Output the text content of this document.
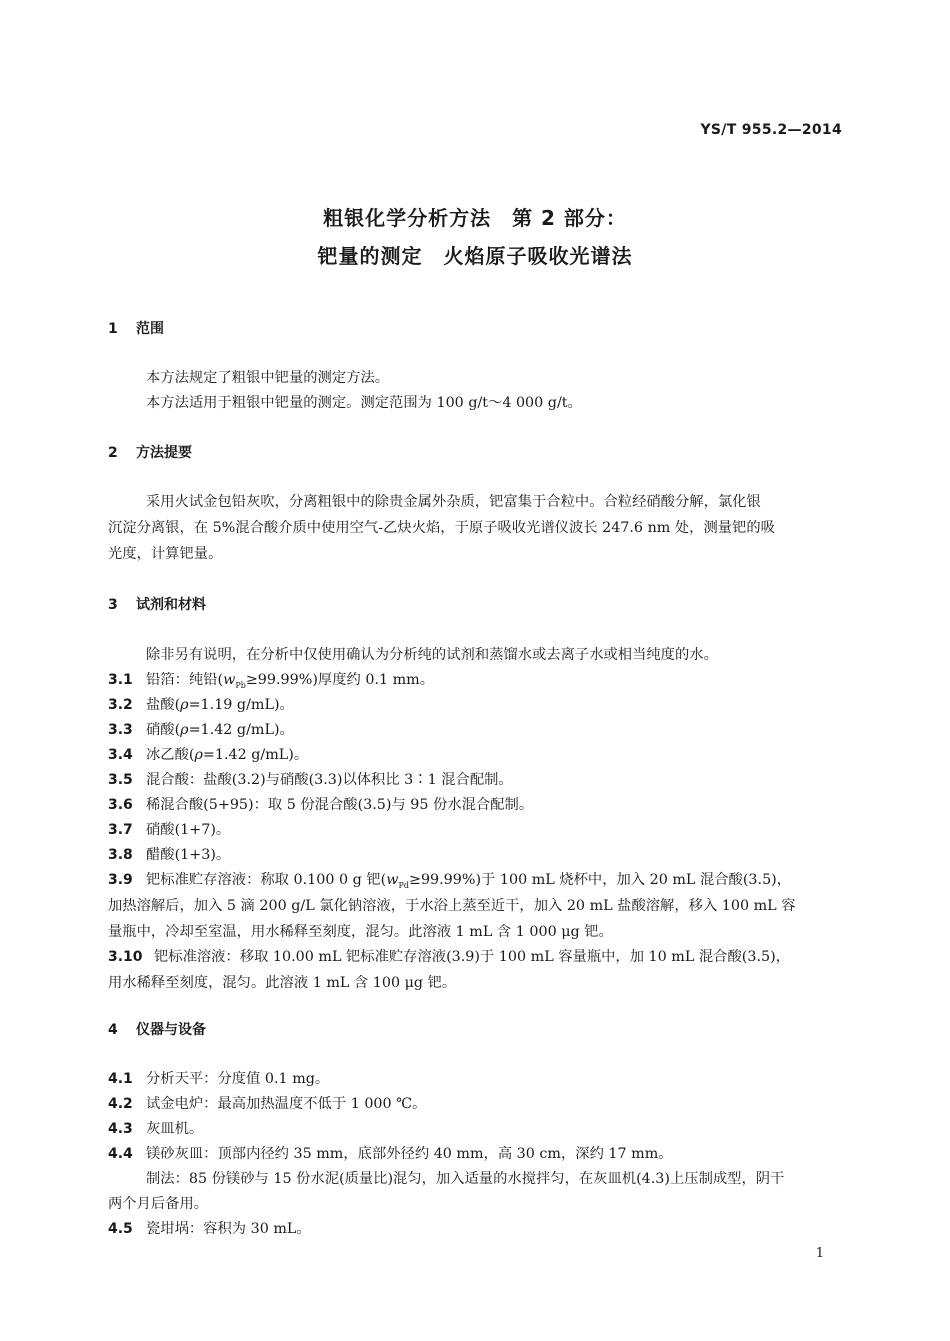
YS/T 955.2—2014
粗银化学分析方法　第 2 部分：
钯量的测定　火焰原子吸收光谱法
1 范围
本方法规定了粗银中钯量的测定方法。
本方法适用于粗银中钯量的测定。测定范围为 100 g/t～4 000 g/t。
2 方法提要
采用火试金包铅灰吹，分离粗银中的除贵金属外杂质，钯富集于合粒中。合粒经硝酸分解，氯化银
沉淀分离银，在 5%混合酸介质中使用空气-乙炔火焰，于原子吸收光谱仪波长 247.6 nm 处，测量钯的吸
光度，计算钯量。
3 试剂和材料
除非另有说明，在分析中仅使用确认为分析纯的试剂和蒸馏水或去离子水或相当纯度的水。
3.1 铅箔：纯铅$(w_{Pb}\ge 99.99\%)$厚度约 0.1 mm。
3.2 盐酸(ρ=1.19 g/mL)。
3.3 硝酸(ρ=1.42 g/mL)。
3.4 冰乙酸(ρ=1.42 g/mL)。
3.5 混合酸：盐酸(3.2)与硝酸(3.3)以体积比 3∶1 混合配制。
3.6 稀混合酸(5+95)：取 5 份混合酸(3.5)与 95 份水混合配制。
3.7 硝酸(1+7)。
3.8 醋酸(1+3)。
3.9 钯标准贮存溶液：称取 0.100 0 g 钯$(w_{Pd}\ge 99.99\%)$于 100 mL 烧杯中，加入 20 mL 混合酸(3.5)，
加热溶解后，加入 5 滴 200 g/L 氯化钠溶液，于水浴上蒸至近干，加入 20 mL 盐酸溶解，移入 100 mL 容
量瓶中，冷却至室温，用水稀释至刻度，混匀。此溶液 1 mL 含 1 000 μg 钯。
3.10 钯标准溶液：移取 10.00 mL 钯标准贮存溶液(3.9)于 100 mL 容量瓶中，加 10 mL 混合酸(3.5)，
用水稀释至刻度，混匀。此溶液 1 mL 含 100 μg 钯。
4 仪器与设备
4.1 分析天平：分度值 0.1 mg。
4.2 试金电炉：最高加热温度不低于 1 000 ℃。
4.3 灰皿机。
4.4 镁砂灰皿：顶部内径约 35 mm，底部外径约 40 mm，高 30 cm，深约 17 mm。
制法：85 份镁砂与 15 份水泥(质量比)混匀，加入适量的水搅拌匀，在灰皿机(4.3)上压制成型，阴干
两个月后备用。
4.5 瓷坩埚：容积为 30 mL。
1
